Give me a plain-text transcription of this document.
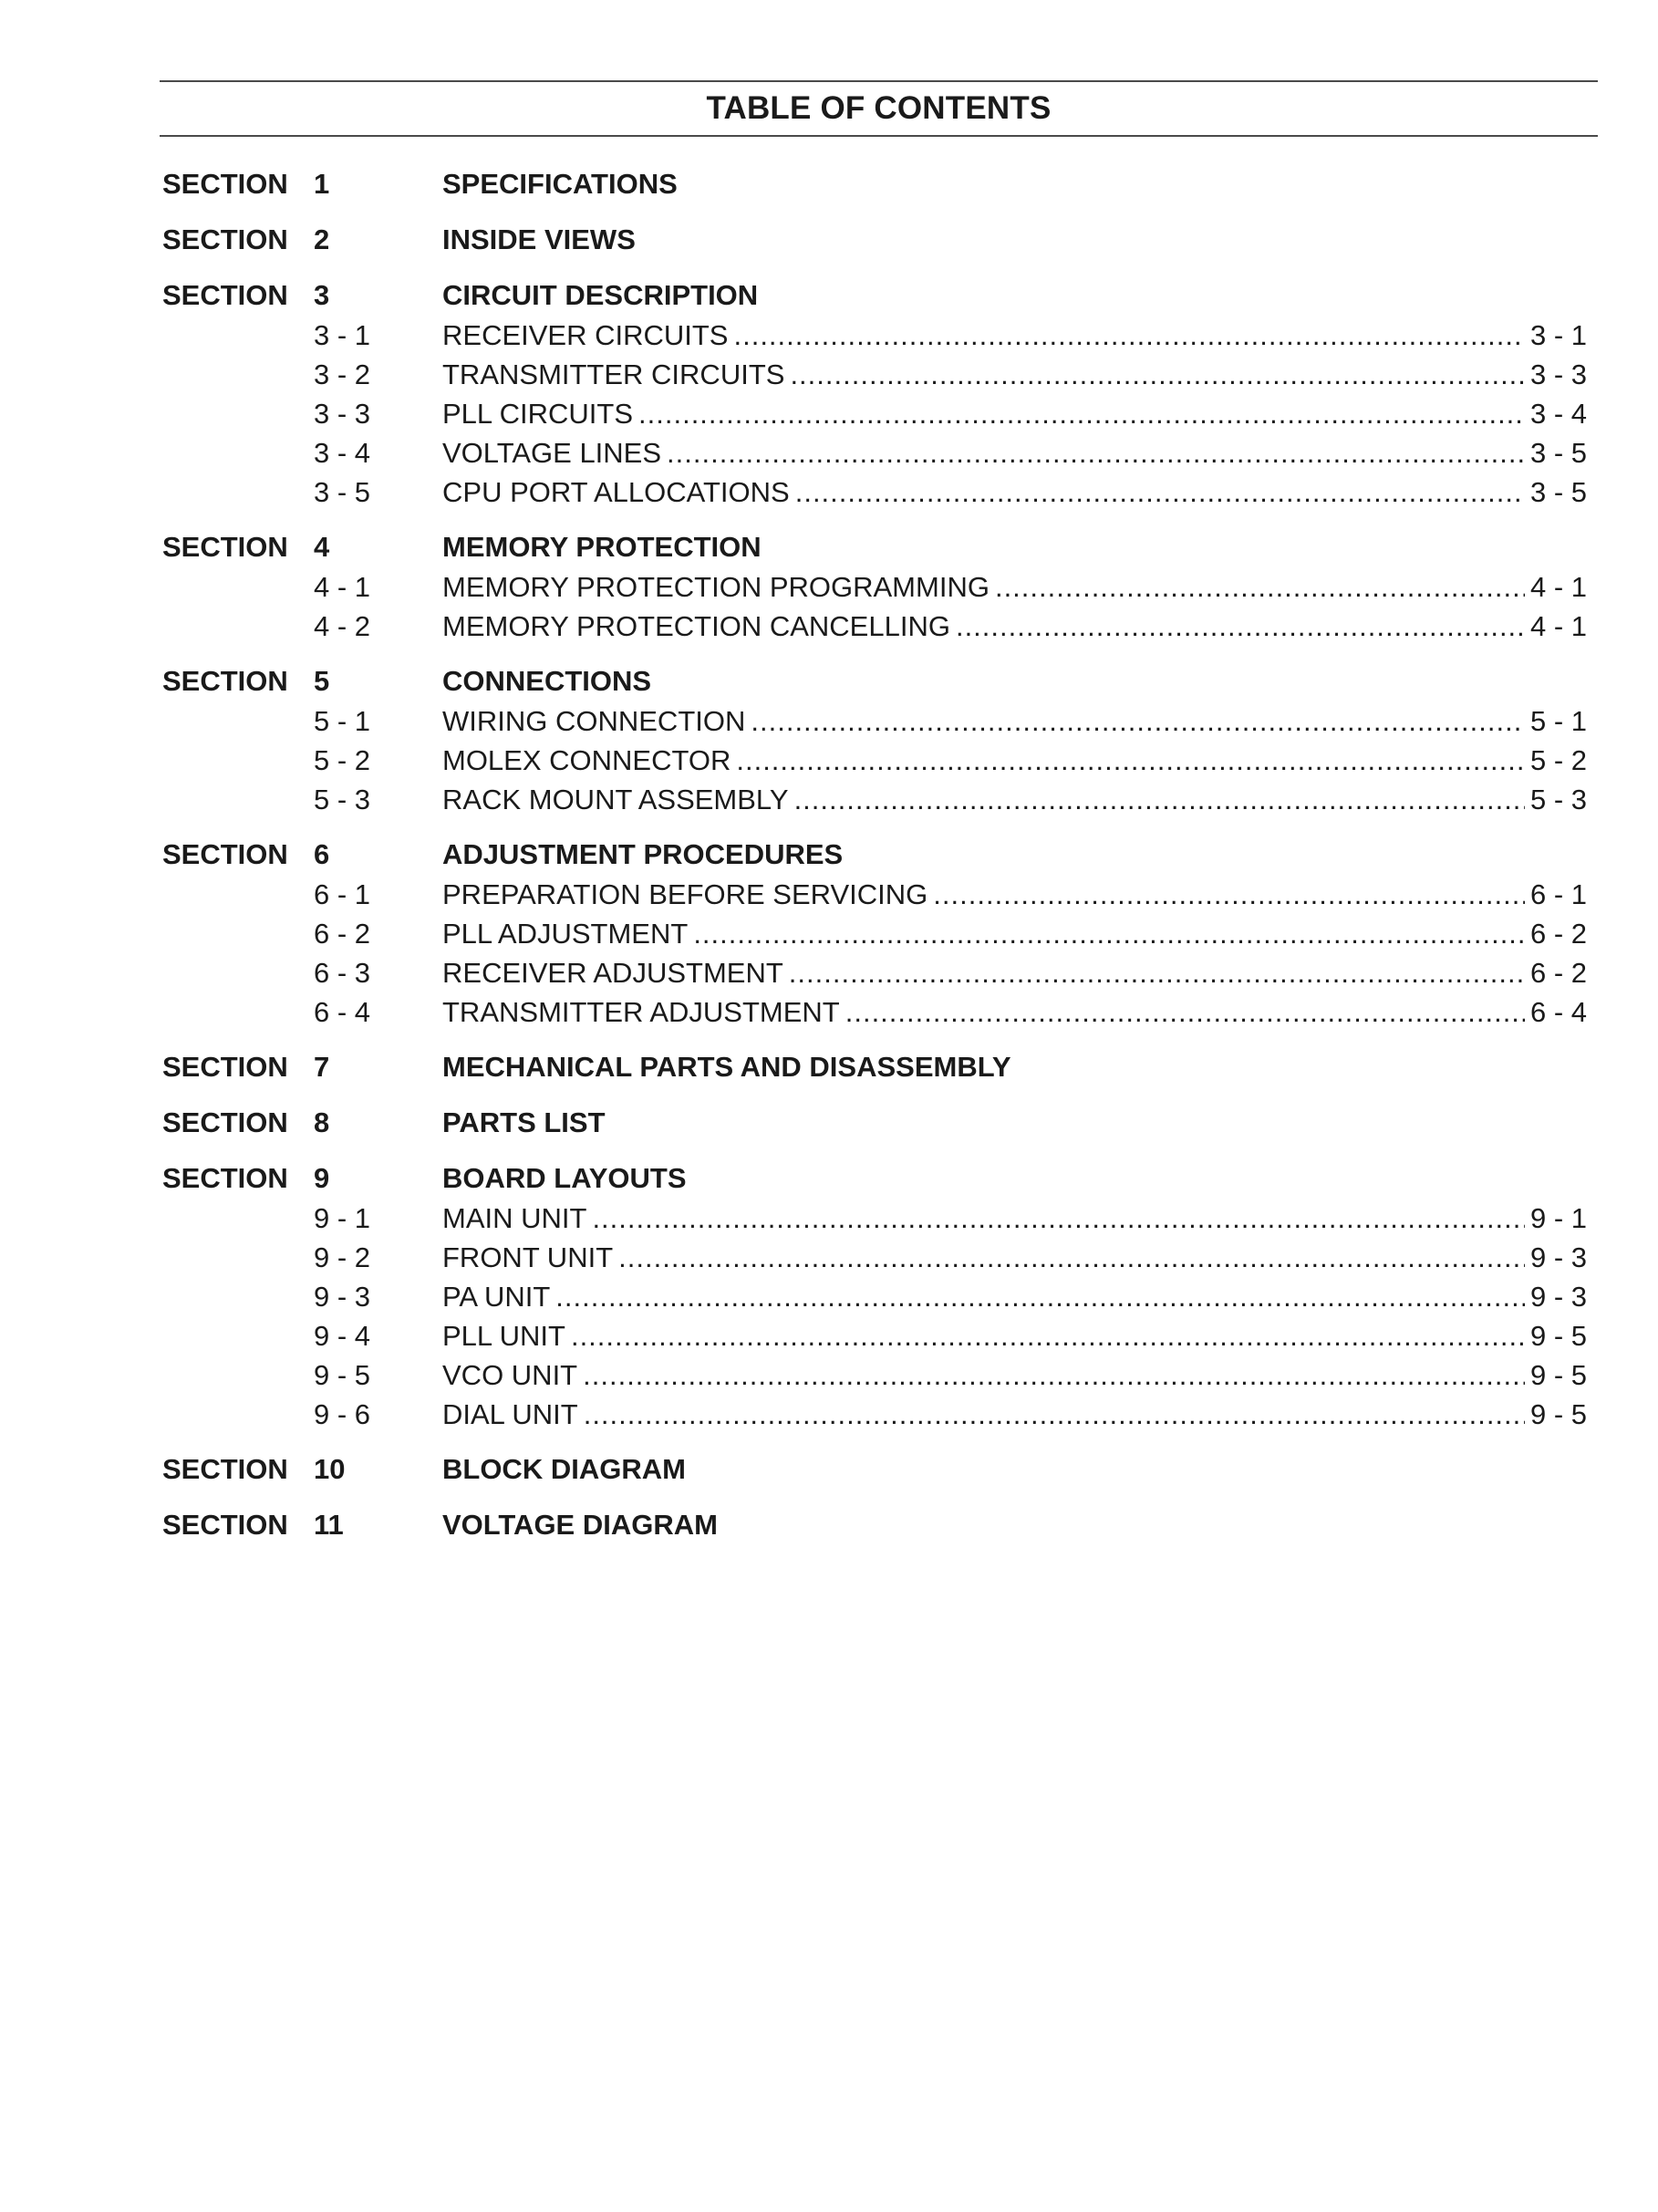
TABLE OF CONTENTS
SECTION 1	SPECIFICATIONS
SECTION 2	INSIDE VIEWS
SECTION 3	CIRCUIT DESCRIPTION
3 - 1	RECEIVER CIRCUITS .....	3 - 1
3 - 2	TRANSMITTER CIRCUITS .....	3 - 3
3 - 3	PLL CIRCUITS .....	3 - 4
3 - 4	VOLTAGE LINES .....	3 - 5
3 - 5	CPU PORT ALLOCATIONS .....	3 - 5
SECTION 4	MEMORY PROTECTION
4 - 1	MEMORY PROTECTION PROGRAMMING .....	4 - 1
4 - 2	MEMORY PROTECTION CANCELLING .....	4 - 1
SECTION 5	CONNECTIONS
5 - 1	WIRING CONNECTION .....	5 - 1
5 - 2	MOLEX CONNECTOR .....	5 - 2
5 - 3	RACK MOUNT ASSEMBLY .....	5 - 3
SECTION 6	ADJUSTMENT PROCEDURES
6 - 1	PREPARATION BEFORE SERVICING .....	6 - 1
6 - 2	PLL ADJUSTMENT .....	6 - 2
6 - 3	RECEIVER ADJUSTMENT .....	6 - 2
6 - 4	TRANSMITTER ADJUSTMENT .....	6 - 4
SECTION 7	MECHANICAL PARTS AND DISASSEMBLY
SECTION 8	PARTS LIST
SECTION 9	BOARD LAYOUTS
9 - 1	MAIN UNIT .....	9 - 1
9 - 2	FRONT UNIT .....	9 - 3
9 - 3	PA UNIT .....	9 - 3
9 - 4	PLL UNIT .....	9 - 5
9 - 5	VCO UNIT .....	9 - 5
9 - 6	DIAL UNIT .....	9 - 5
SECTION 10	BLOCK DIAGRAM
SECTION 11	VOLTAGE DIAGRAM
